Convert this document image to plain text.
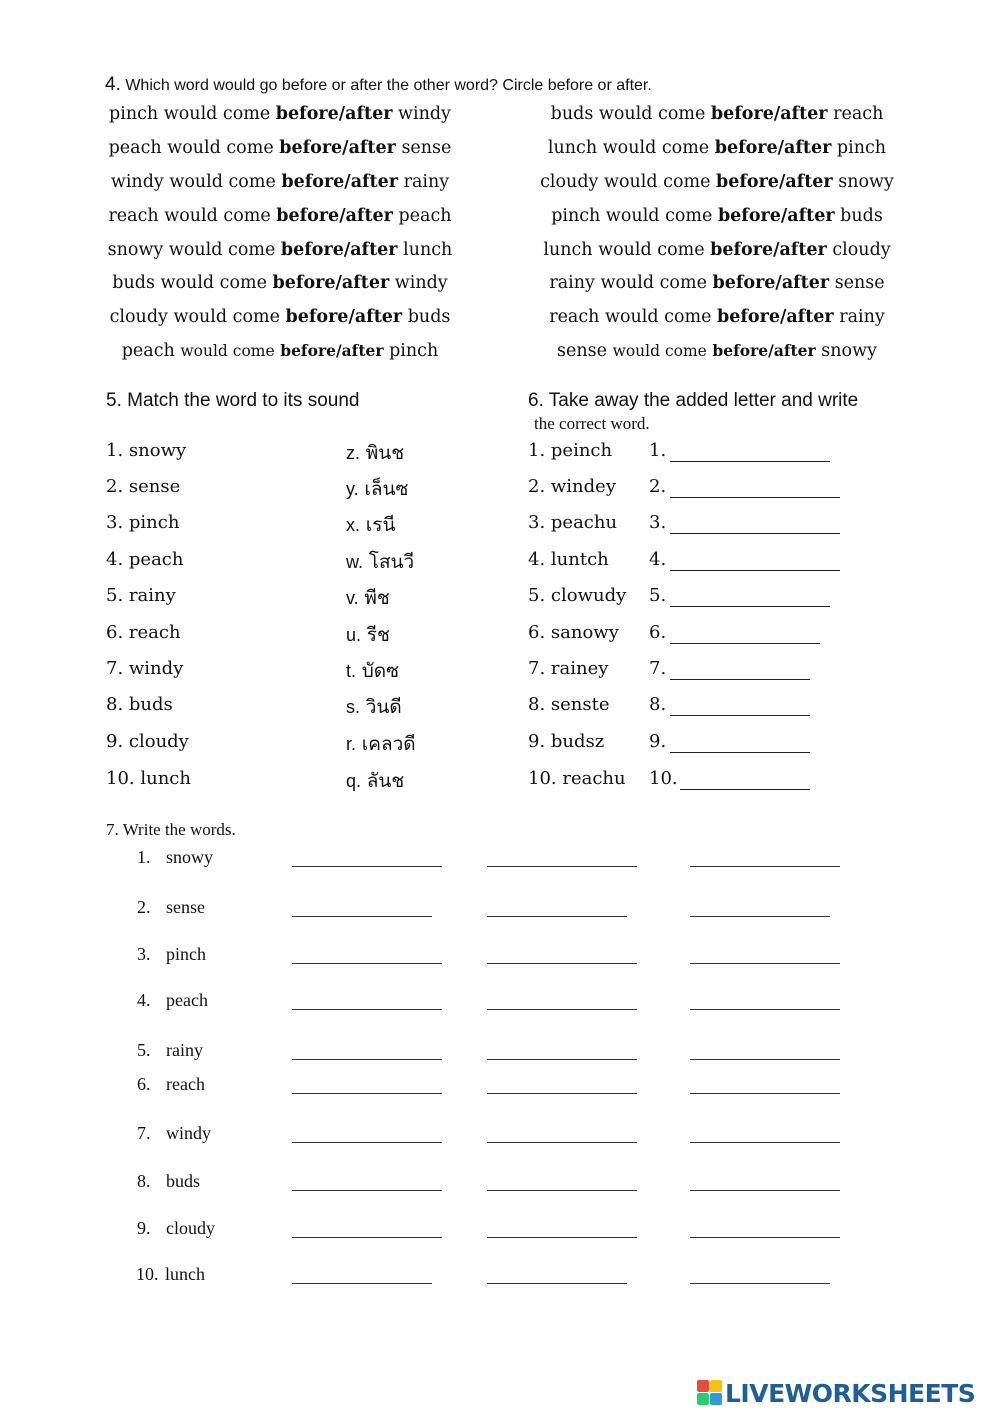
4. Which word would go before or after the other word? Circle before or after.
pinch would come before/after windy
peach would come before/after sense
windy would come before/after rainy
reach would come before/after peach
snowy would come before/after lunch
buds would come before/after windy
cloudy would come before/after buds
peach would come before/after pinch
buds would come before/after reach
lunch would come before/after pinch
cloudy would come before/after snowy
pinch would come before/after buds
lunch would come before/after cloudy
rainy would come before/after sense
reach would come before/after rainy
sense would come before/after snowy
5. Match the word to its sound
1. snowy
2. sense
3. pinch
4. peach
5. rainy
6. reach
7. windy
8. buds
9. cloudy
10. lunch
z. พินช
y. เล็นซ
x. เรนี
w. โสนวี
v. พีช
u. รีช
t. บัดซ
s. วินดี
r. เคลวดี
q. ลันช
6. Take away the added letter and write
the correct word.
1. peinch
2. windey
3. peachu
4. luntch
5. clowudy
6. sanowy
7. rainey
8. senste
9. budsz
10. reachu
1.
2.
3.
4.
5.
6.
7.
8.
9.
10.
7. Write the words.
1. snowy
2. sense
3. pinch
4. peach
5. rainy
6. reach
7. windy
8. buds
9. cloudy
10. lunch
LIVEWORKSHEETS
